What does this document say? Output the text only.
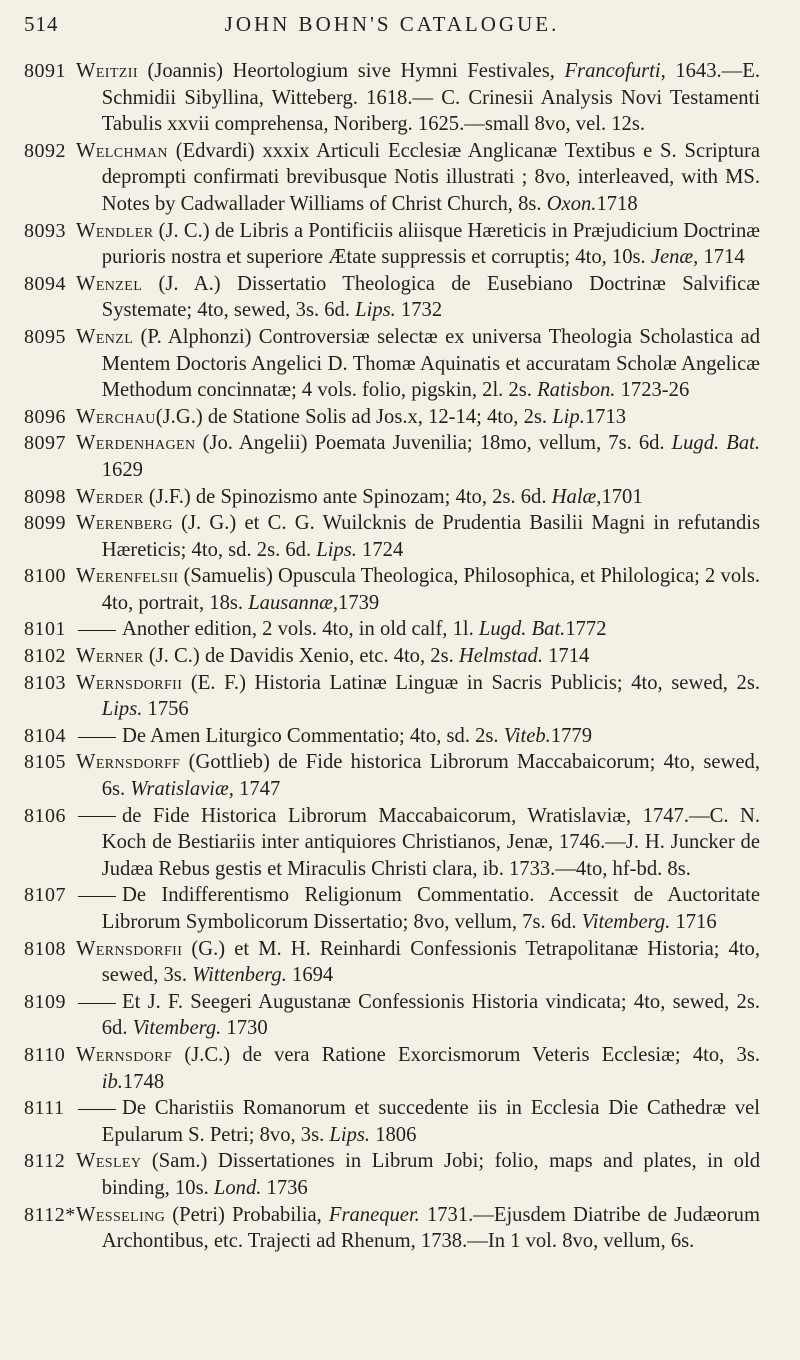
514	JOHN BOHN'S CATALOGUE.
8091 Weitzii (Joannis) Heortologium sive Hymni Festivales, Francofurti, 1643.—E. Schmidii Sibyllina, Witteberg. 1618.— C. Crinesii Analysis Novi Testamenti Tabulis xxvii comprehensa, Noriberg. 1625.—small 8vo, vel. 12s.
8092 Welchman (Edvardi) xxxix Articuli Ecclesiæ Anglicanæ Textibus e S. Scriptura deprompti confirmati brevibusque Notis illustrati ; 8vo, interleaved, with MS. Notes by Cadwallader Williams of Christ Church, 8s. Oxon.1718
8093 Wendler (J. C.) de Libris a Pontificiis aliisque Hæreticis in Præjudicium Doctrinæ purioris nostra et superiore Ætate suppressis et corruptis; 4to, 10s. Jenæ, 1714
8094 Wenzel (J. A.) Dissertatio Theologica de Eusebiano Doctrinæ Salvificæ Systemate; 4to, sewed, 3s. 6d. Lips. 1732
8095 Wenzl (P. Alphonzi) Controversiæ selectæ ex universa Theologia Scholastica ad Mentem Doctoris Angelici D. Thomæ Aquinatis et accuratam Scholæ Angelicæ Methodum concinnatæ; 4 vols. folio, pigskin, 2l. 2s. Ratisbon. 1723-26
8096 Werchau(J.G.) de Statione Solis ad Jos.x, 12-14; 4to, 2s. Lip.1713
8097 Werdenhagen (Jo. Angelii) Poemata Juvenilia; 18mo, vellum, 7s. 6d. Lugd. Bat. 1629
8098 Werder (J.F.) de Spinozismo ante Spinozam; 4to, 2s. 6d. Halæ,1701
8099 Werenberg (J. G.) et C. G. Wuilcknis de Prudentia Basilii Magni in refutandis Hæreticis; 4to, sd. 2s. 6d. Lips. 1724
8100 Werenfelsii (Samuelis) Opuscula Theologica, Philosophica, et Philologica; 2 vols. 4to, portrait, 18s. Lausannæ,1739
8101	Another edition, 2 vols. 4to, in old calf, 1l. Lugd. Bat.1772
8102 Werner (J. C.) de Davidis Xenio, etc. 4to, 2s. Helmstad. 1714
8103 Wernsdorfii (E. F.) Historia Latinæ Linguæ in Sacris Publicis; 4to, sewed, 2s. Lips. 1756
8104	De Amen Liturgico Commentatio; 4to, sd. 2s. Viteb.1779
8105 Wernsdorff (Gottlieb) de Fide historica Librorum Maccabaicorum; 4to, sewed, 6s. Wratislaviæ, 1747
8106	de Fide Historica Librorum Maccabaicorum, Wratislaviæ, 1747.—C. N. Koch de Bestiariis inter antiquiores Christianos, Jenæ, 1746.—J. H. Juncker de Judæa Rebus gestis et Miraculis Christi clara, ib. 1733.—4to, hf-bd. 8s.
8107	De Indifferentismo Religionum Commentatio. Accessit de Auctoritate Librorum Symbolicorum Dissertatio; 8vo, vellum, 7s. 6d. Vitemberg. 1716
8108 Wernsdorfii (G.) et M. H. Reinhardi Confessionis Tetrapolitanæ Historia; 4to, sewed, 3s. Wittenberg. 1694
8109	Et J. F. Seegeri Augustanæ Confessionis Historia vindicata; 4to, sewed, 2s. 6d. Vitemberg. 1730
8110 Wernsdorf (J.C.) de vera Ratione Exorcismorum Veteris Ecclesiæ; 4to, 3s. ib.1748
8111	De Charistiis Romanorum et succedente iis in Ecclesia Die Cathedræ vel Epularum S. Petri; 8vo, 3s. Lips. 1806
8112 Wesley (Sam.) Dissertationes in Librum Jobi; folio, maps and plates, in old binding, 10s. Lond. 1736
8112* Wesseling (Petri) Probabilia, Franequer. 1731.—Ejusdem Diatribe de Judæorum Archontibus, etc. Trajecti ad Rhenum, 1738.—In 1 vol. 8vo, vellum, 6s.
